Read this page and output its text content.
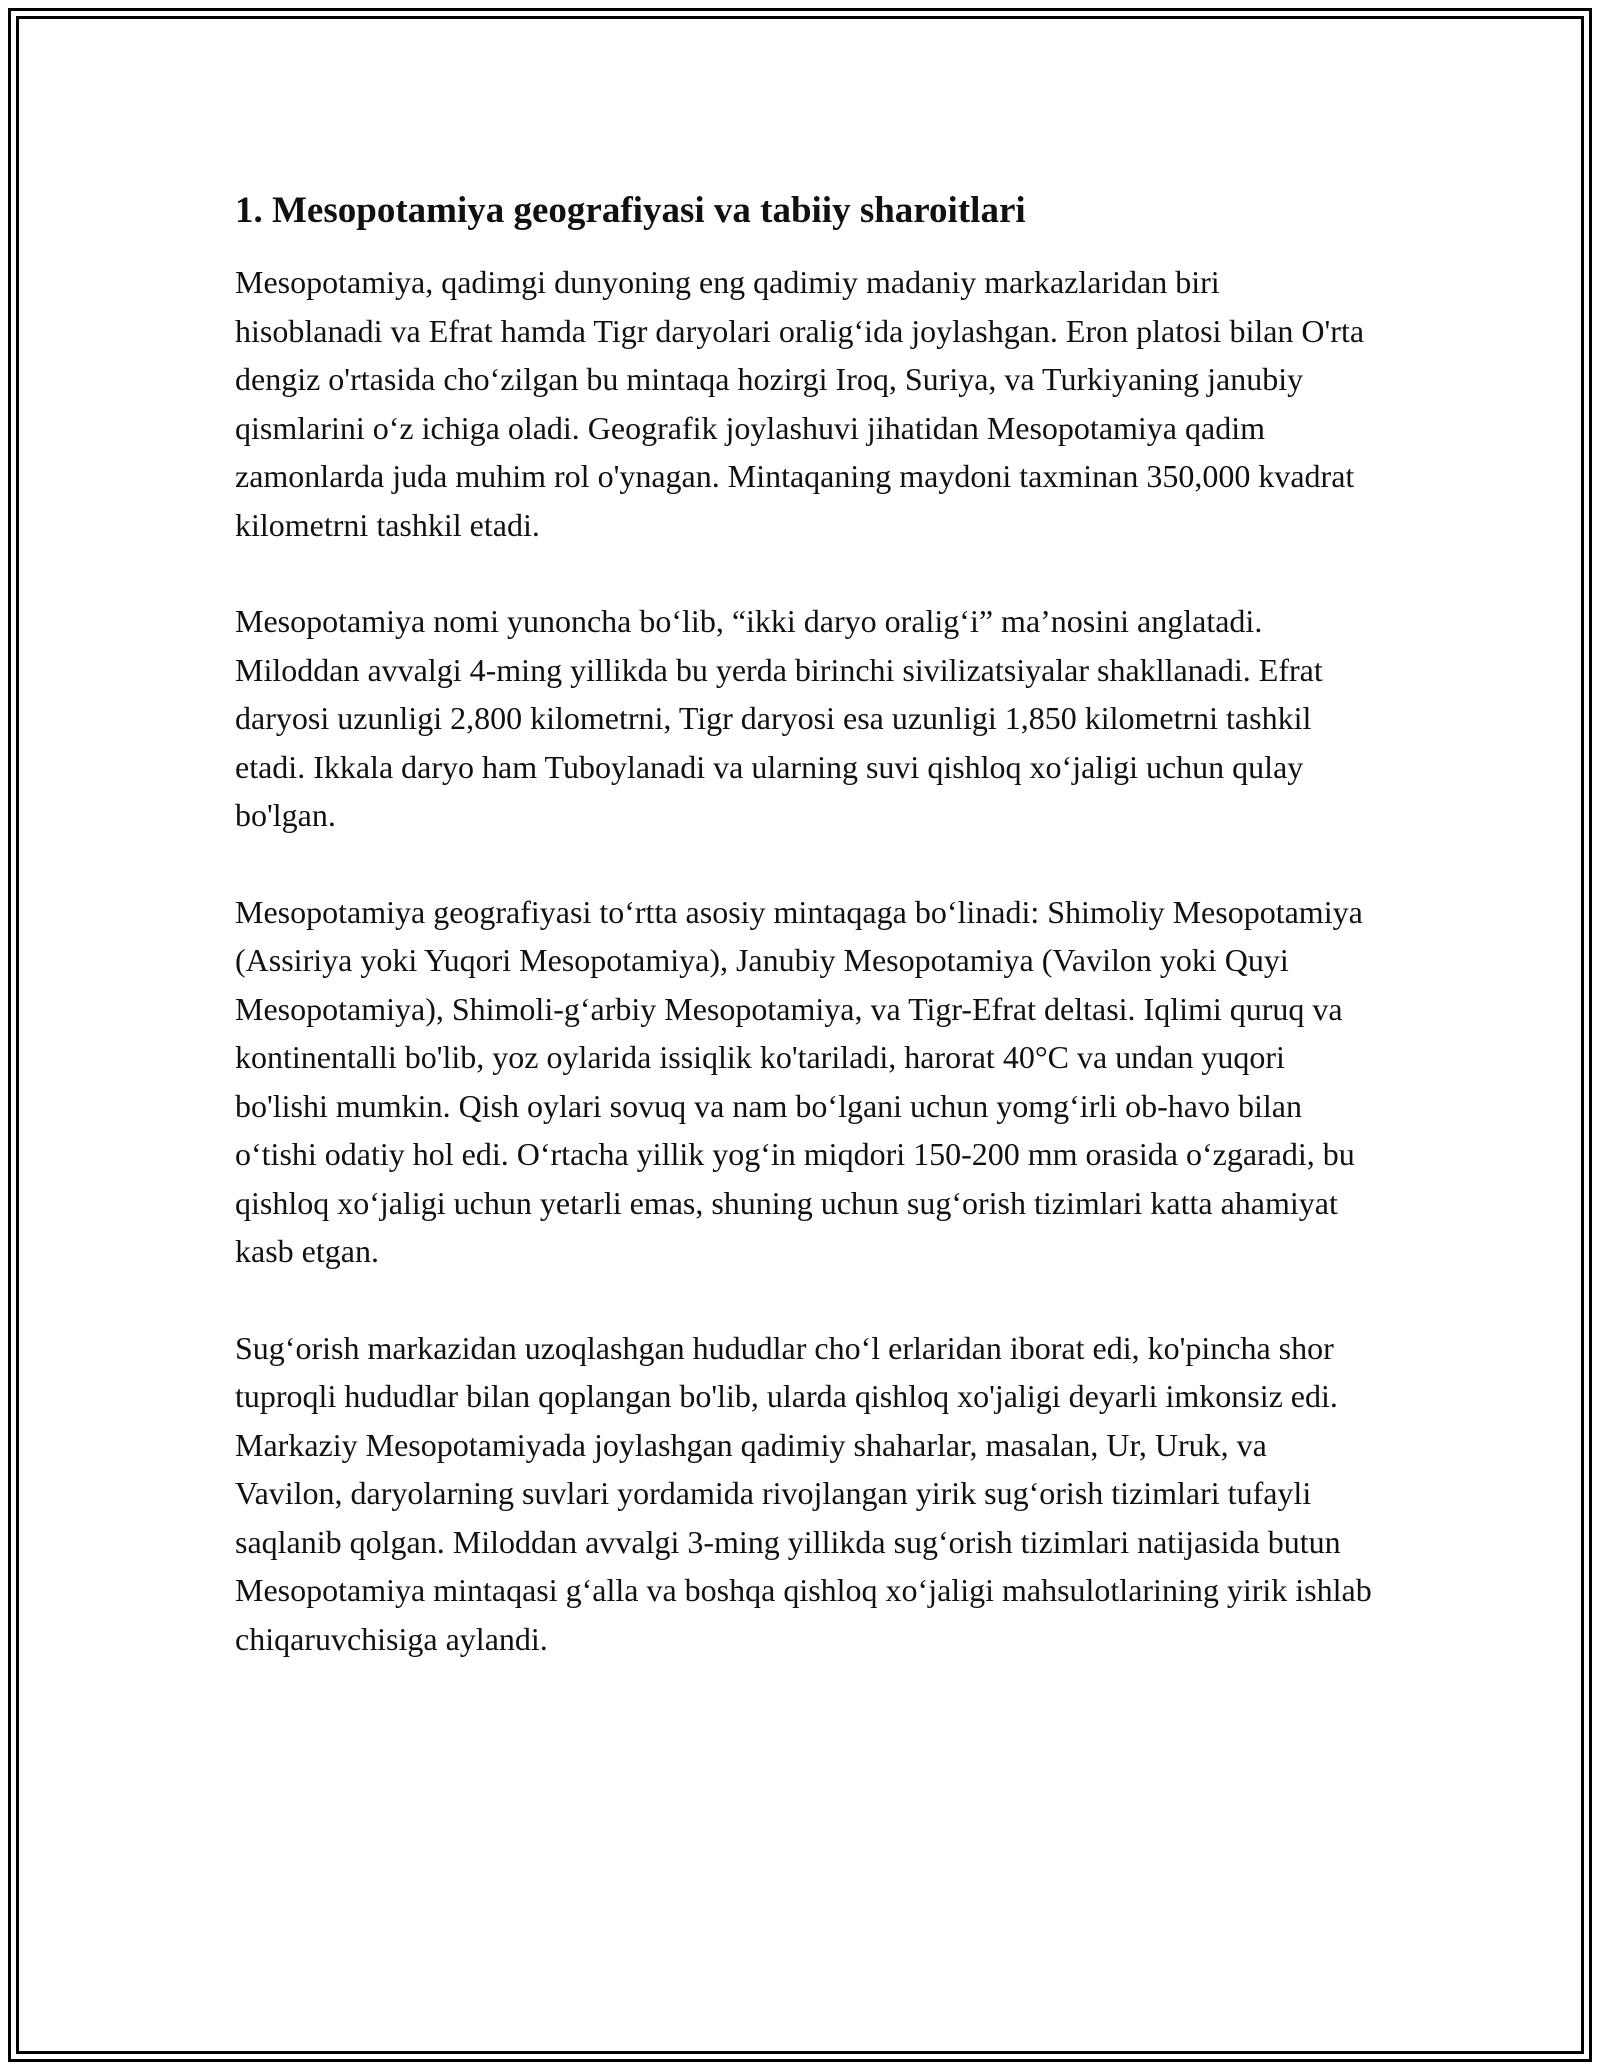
1. Mesopotamiya geografiyasi va tabiiy sharoitlari

Mesopotamiya, qadimgi dunyoning eng qadimiy madaniy markazlaridan biri hisoblanadi va Efrat hamda Tigr daryolari oralig‘ida joylashgan. Eron platosi bilan O'rta dengiz o'rtasida cho‘zilgan bu mintaqa hozirgi Iroq, Suriya, va Turkiyaning janubiy qismlarini o‘z ichiga oladi. Geografik joylashuvi jihatidan Mesopotamiya qadim zamonlarda juda muhim rol o'ynagan. Mintaqaning maydoni taxminan 350,000 kvadrat kilometrni tashkil etadi.

Mesopotamiya nomi yunoncha bo‘lib, “ikki daryo oralig‘i” ma’nosini anglatadi. Miloddan avvalgi 4-ming yillikda bu yerda birinchi sivilizatsiyalar shakllanadi. Efrat daryosi uzunligi 2,800 kilometrni, Tigr daryosi esa uzunligi 1,850 kilometrni tashkil etadi. Ikkala daryo ham Tuboylanadi va ularning suvi qishloq xo‘jaligi uchun qulay bo'lgan.

Mesopotamiya geografiyasi to‘rtta asosiy mintaqaga bo‘linadi: Shimoliy Mesopotamiya (Assiriya yoki Yuqori Mesopotamiya), Janubiy Mesopotamiya (Vavilon yoki Quyi Mesopotamiya), Shimoli-g‘arbiy Mesopotamiya, va Tigr-Efrat deltasi. Iqlimi quruq va kontinentalli bo'lib, yoz oylarida issiqlik ko'tariladi, harorat 40°C va undan yuqori bo'lishi mumkin. Qish oylari sovuq va nam bo‘lgani uchun yomg‘irli ob-havo bilan o‘tishi odatiy hol edi. O‘rtacha yillik yog‘in miqdori 150-200 mm orasida o‘zgaradi, bu qishloq xo‘jaligi uchun yetarli emas, shuning uchun sug‘orish tizimlari katta ahamiyat kasb etgan.

Sug‘orish markazidan uzoqlashgan hududlar cho‘l erlaridan iborat edi, ko'pincha shor tuproqli hududlar bilan qoplangan bo'lib, ularda qishloq xo'jaligi deyarli imkonsiz edi. Markaziy Mesopotamiyada joylashgan qadimiy shaharlar, masalan, Ur, Uruk, va Vavilon, daryolarning suvlari yordamida rivojlangan yirik sug‘orish tizimlari tufayli saqlanib qolgan. Miloddan avvalgi 3-ming yillikda sug‘orish tizimlari natijasida butun Mesopotamiya mintaqasi g‘alla va boshqa qishloq xo‘jaligi mahsulotlarining yirik ishlab chiqaruvchisiga aylandi.
